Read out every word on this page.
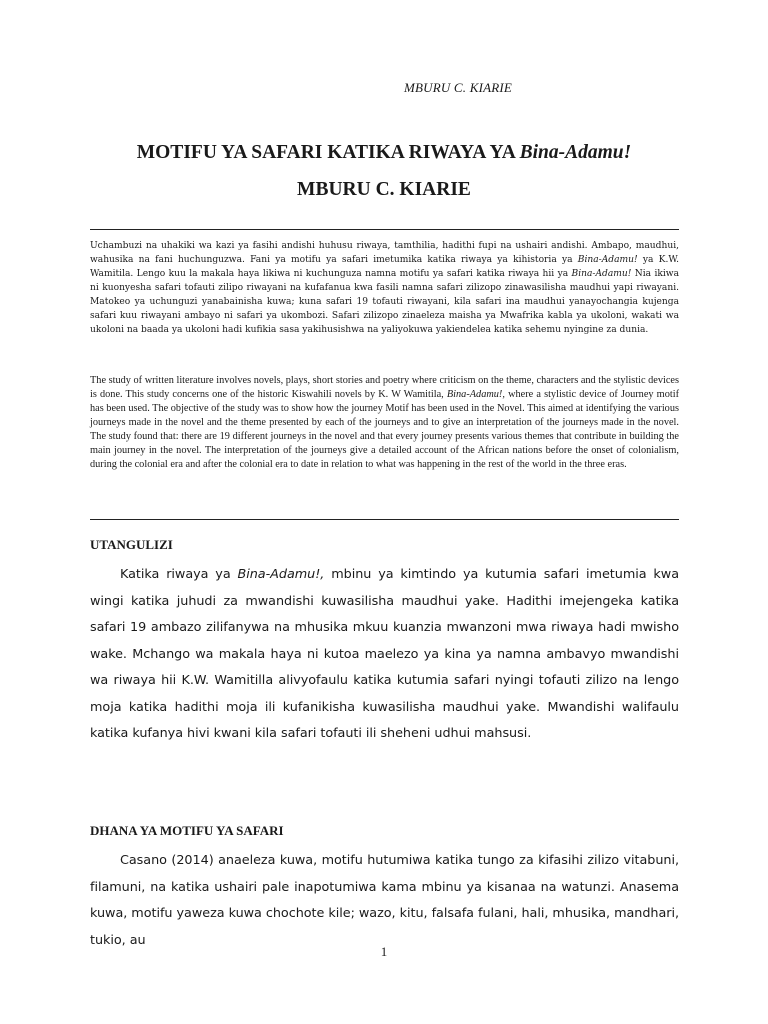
MBURU C. KIARIE
MOTIFU YA SAFARI KATIKA RIWAYA YA Bina-Adamu!
MBURU C. KIARIE

Uchambuzi na uhakiki wa kazi ya fasihi andishi huhusu riwaya, tamthilia, hadithi fupi na ushairi andishi. Ambapo, maudhui, wahusika na fani huchunguzwa. Fani ya motifu ya safari imetumika katika riwaya ya kihistoria ya Bina-Adamu! ya K.W. Wamitila. Lengo kuu la makala haya likiwa ni kuchunguza namna motifu ya safari katika riwaya hii ya Bina-Adamu! Nia ikiwa ni kuonyesha safari tofauti zilipo riwayani na kufafanua kwa fasili namna safari zilizopo zinawasilisha maudhui yapi riwayani. Matokeo ya uchunguzi yanabainisha kuwa; kuna safari 19 tofauti riwayani, kila safari ina maudhui yanayochangia kujenga safari kuu riwayani ambayo ni safari ya ukombozi. Safari zilizopo zinaeleza maisha ya Mwafrika kabla ya ukoloni, wakati wa ukoloni na baada ya ukoloni hadi kufikia sasa yakihusishwa na yaliyokuwa yakiendelea katika sehemu nyingine za dunia.

The study of written literature involves novels, plays, short stories and poetry where criticism on the theme, characters and the stylistic devices is done. This study concerns one of the historic Kiswahili novels by K. W Wamitila, Bina-Adamu!, where a stylistic device of Journey motif has been used. The objective of the study was to show how the journey Motif has been used in the Novel. This aimed at identifying the various journeys made in the novel and the theme presented by each of the journeys and to give an interpretation of the journeys made in the novel. The study found that: there are 19 different journeys in the novel and that every journey presents various themes that contribute in building the main journey in the novel. The interpretation of the journeys give a detailed account of the African nations before the onset of colonialism, during the colonial era and after the colonial era to date in relation to what was happening in the rest of the world in the three eras.

UTANGULIZI

Katika riwaya ya Bina-Adamu!, mbinu ya kimtindo ya kutumia safari imetumia kwa wingi katika juhudi za mwandishi kuwasilisha maudhui yake. Hadithi imejengeka katika safari 19 ambazo zilifanywa na mhusika mkuu kuanzia mwanzoni mwa riwaya hadi mwisho wake. Mchango wa makala haya ni kutoa maelezo ya kina ya namna ambavyo mwandishi wa riwaya hii K.W. Wamitilla alivyofaulu katika kutumia safari nyingi tofauti zilizo na lengo moja katika hadithi moja ili kufanikisha kuwasilisha maudhui yake. Mwandishi walifaulu katika kufanya hivi kwani kila safari tofauti ili sheheni udhui mahsusi.

DHANA YA MOTIFU YA SAFARI

Casano (2014) anaeleza kuwa, motifu hutumiwa katika tungo za kifasihi zilizo vitabuni, filamuni, na katika ushairi pale inapotumiwa kama mbinu ya kisanaa na watunzi. Anasema kuwa, motifu yaweza kuwa chochote kile; wazo, kitu, falsafa fulani, hali, mhusika, mandhari, tukio, au

1
